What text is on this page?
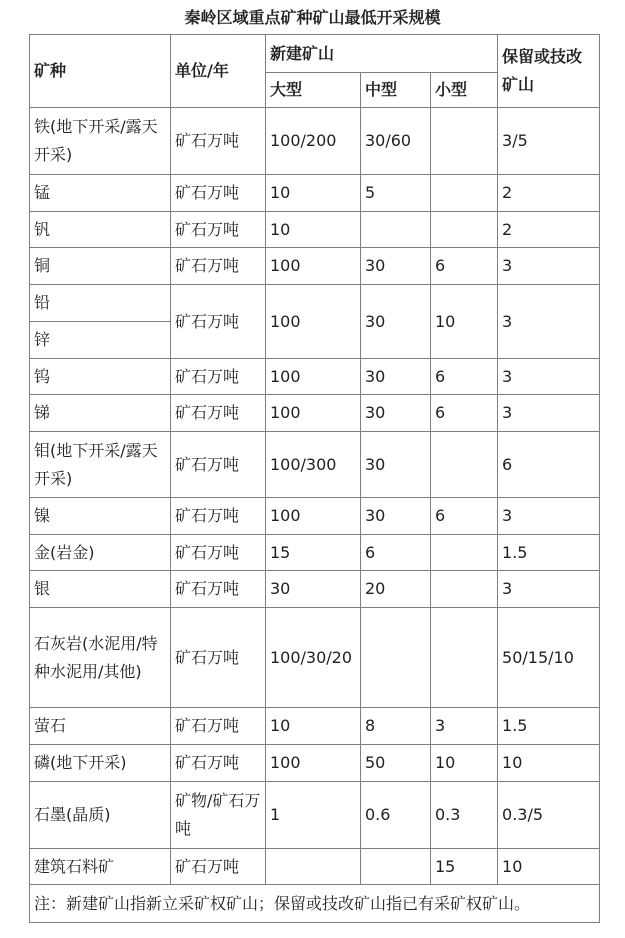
秦岭区域重点矿种矿山最低开采规模
矿种	单位/年	新建矿山			保留或技改矿山
		大型	中型	小型	
铁(地下开采/露天开采)	矿石万吨	100/200	30/60		3/5
锰	矿石万吨	10	5		2
钒	矿石万吨	10			2
铜	矿石万吨	100	30	6	3
铅	矿石万吨	100	30	10	3
锌					
钨	矿石万吨	100	30	6	3
锑	矿石万吨	100	30	6	3
钼(地下开采/露天开采)	矿石万吨	100/300	30		6
镍	矿石万吨	100	30	6	3
金(岩金)	矿石万吨	15	6		1.5
银	矿石万吨	30	20		3
石灰岩(水泥用/特种水泥用/其他)	矿石万吨	100/30/20			50/15/10
萤石	矿石万吨	10	8	3	1.5
磷(地下开采)	矿石万吨	100	50	10	10
石墨(晶质)	矿物/矿石万吨	1	0.6	0.3	0.3/5
建筑石料矿	矿石万吨			15	10
注：新建矿山指新立采矿权矿山；保留或技改矿山指已有采矿权矿山。					
